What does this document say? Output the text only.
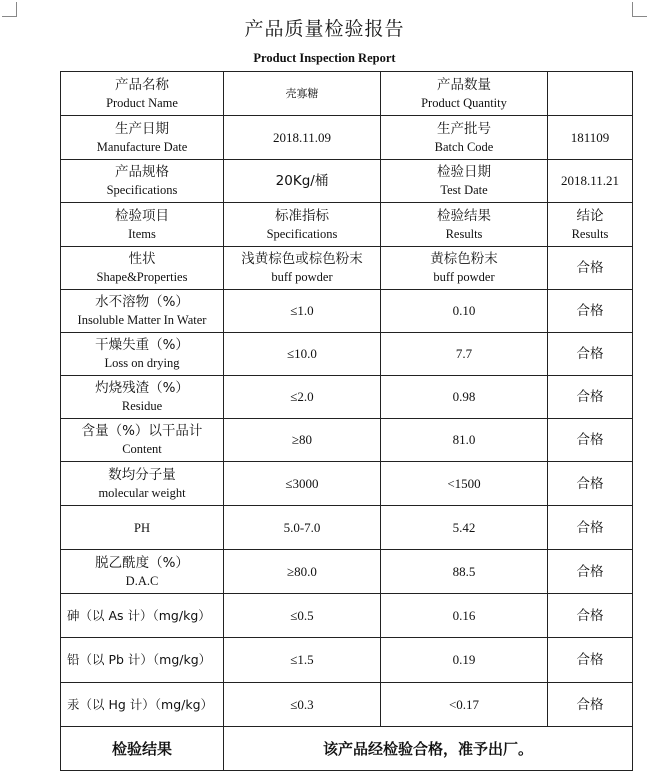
产品质量检验报告
Product Inspection Report
产品名称
Product Name	壳寡糖	产品数量
Product Quantity	

生产日期
Manufacture Date	2018.11.09	生产批号
Batch Code	181109

产品规格
Specifications	20Kg/桶	检验日期
Test Date	2018.11.21

检验项目
Items	标准指标
Specifications	检验结果
Results	结论
Results

性状
Shape&Properties	浅黄棕色或棕色粉末
buff powder	黄棕色粉末
buff powder	合格

水不溶物（%）
Insoluble Matter In Water	≤1.0	0.10	合格

干燥失重（%）
Loss on drying	≤10.0	7.7	合格

灼烧残渣（%）
Residue	≤2.0	0.98	合格

含量（%）以干品计
Content	≥80	81.0	合格

数均分子量
molecular weight	≤3000	<1500	合格

PH	5.0-7.0	5.42	合格

脱乙酰度（%）
D.A.C	≥80.0	88.5	合格

砷（以 As 计）（mg/kg）	≤0.5	0.16	合格

铅（以 Pb 计）（mg/kg）	≤1.5	0.19	合格

汞（以 Hg 计）（mg/kg）	≤0.3	<0.17	合格
检验结果	该产品经检验合格，准予出厂。		
